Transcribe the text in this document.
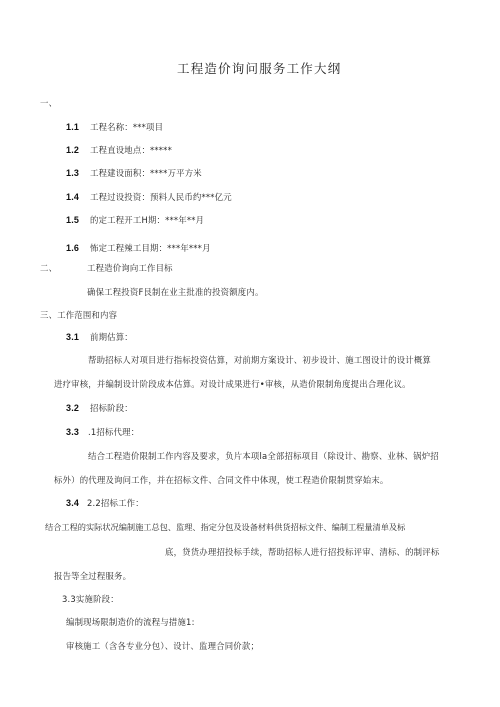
工程造价询问服务工作大纲
一、
1.1 工程名称：***项目
1.2 工程直设地点：*****
1.3 工程建设面积：****万平方米
1.4 工程过设投资：预料人民币约***亿元
1.5 的定工程开工H期：***年**月
1.6 怖定工程辣工目期：***年***月
二、	工程造价询向工作目标
确保工程投资F艮制在业主批准的投资额度内。
三、工作范围和内容
3.1 前期估算：
帮助招标人对项目进行指标投资估算，对前期方案设计、初步设计、施工图设计的设计概算
进疗审核，并编制设计阶段成本估算。对设计成果进行•审核，从造价限制角度提出合理化议。
3.2 招标阶段：
3.3 .1招标代理：
结合工程造价限制工作内容及要求，负片本项la全部招标项目（除设计、勘察、业林、锅炉招
标外）的代理及询问工作，并在招标文件、合同文件中体现，使工程造价限制贯穿始末。
3.4 2.2招标工作：
结合工程的实际状况编制施工总包、监理、指定分包及设备材料供货招标文件、编制工程量清单及标
底，贷货办理招投标手续，帮助招标人进行招投标评审、清标、的制评标
报告等全过程服务。
3.3实施阶段：
编制现场限制造价的流程与措施1:
审核施工（含各专业分包）、设计、监理合同价款；
